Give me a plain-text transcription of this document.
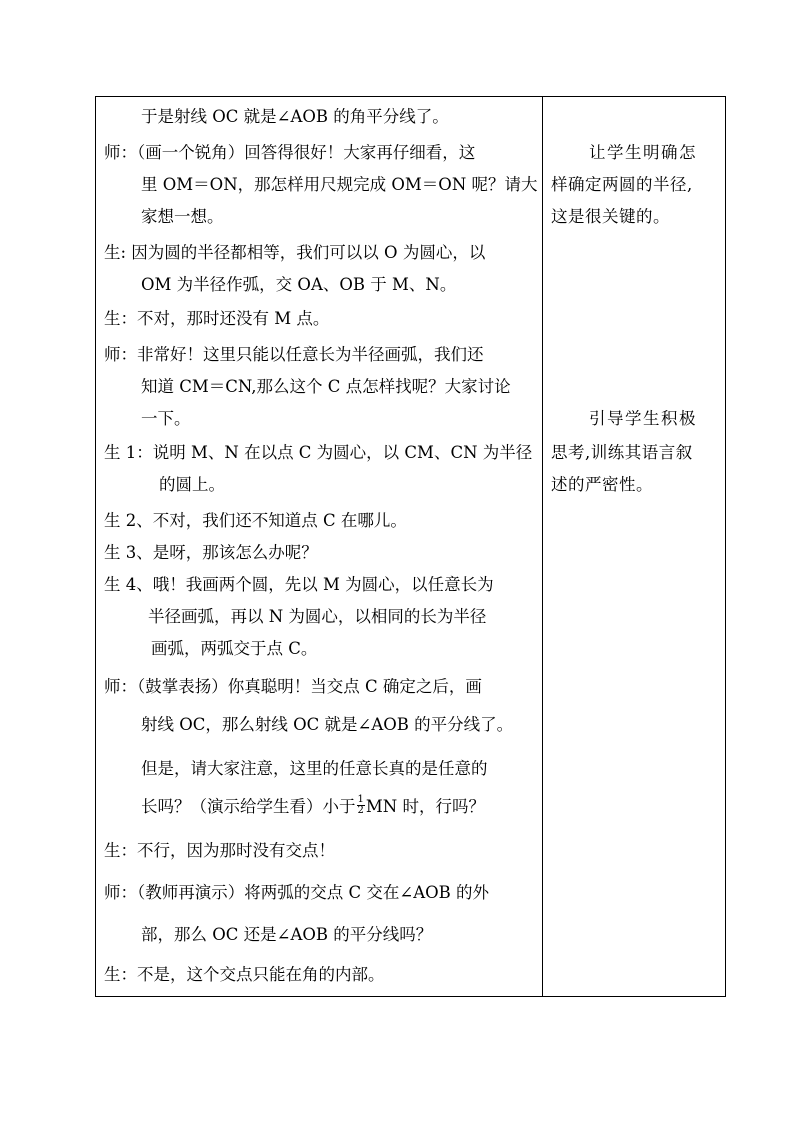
于是射线 OC 就是∠AOB 的角平分线了。
师：（画一个锐角）回答得很好！大家再仔细看，这
里 OM＝ON，那怎样用尺规完成 OM＝ON 呢？请大
家想一想。
生: 因为圆的半径都相等，我们可以以 O 为圆心，以
OM 为半径作弧，交 OA、OB 于 M、N。
生：不对，那时还没有 M 点。
师：非常好！这里只能以任意长为半径画弧，我们还
知道 CM＝CN,那么这个 C 点怎样找呢？大家讨论
一下。
生 1：说明 M、N 在以点 C 为圆心，以 CM、CN 为半径
的圆上。
生 2、不对，我们还不知道点 C 在哪儿。
生 3、是呀，那该怎么办呢？
生 4、哦！我画两个圆，先以 M 为圆心，以任意长为
半径画弧，再以 N 为圆心，以相同的长为半径
画弧，两弧交于点 C。
师：（鼓掌表扬）你真聪明！当交点 C 确定之后，画
射线 OC，那么射线 OC 就是∠AOB 的平分线了。
但是，请大家注意，这里的任意长真的是任意的
长吗？（演示给学生看）小于 $\frac{1}{2}$ MN 时，行吗？
生：不行，因为那时没有交点！
师：（教师再演示）将两弧的交点 C 交在∠AOB 的外
部，那么 OC 还是∠AOB 的平分线吗？
生：不是，这个交点只能在角的内部。
让学生明确怎
样确定两圆的半径,
这是很关键的。
引导学生积极
思考,训练其语言叙
述的严密性。
